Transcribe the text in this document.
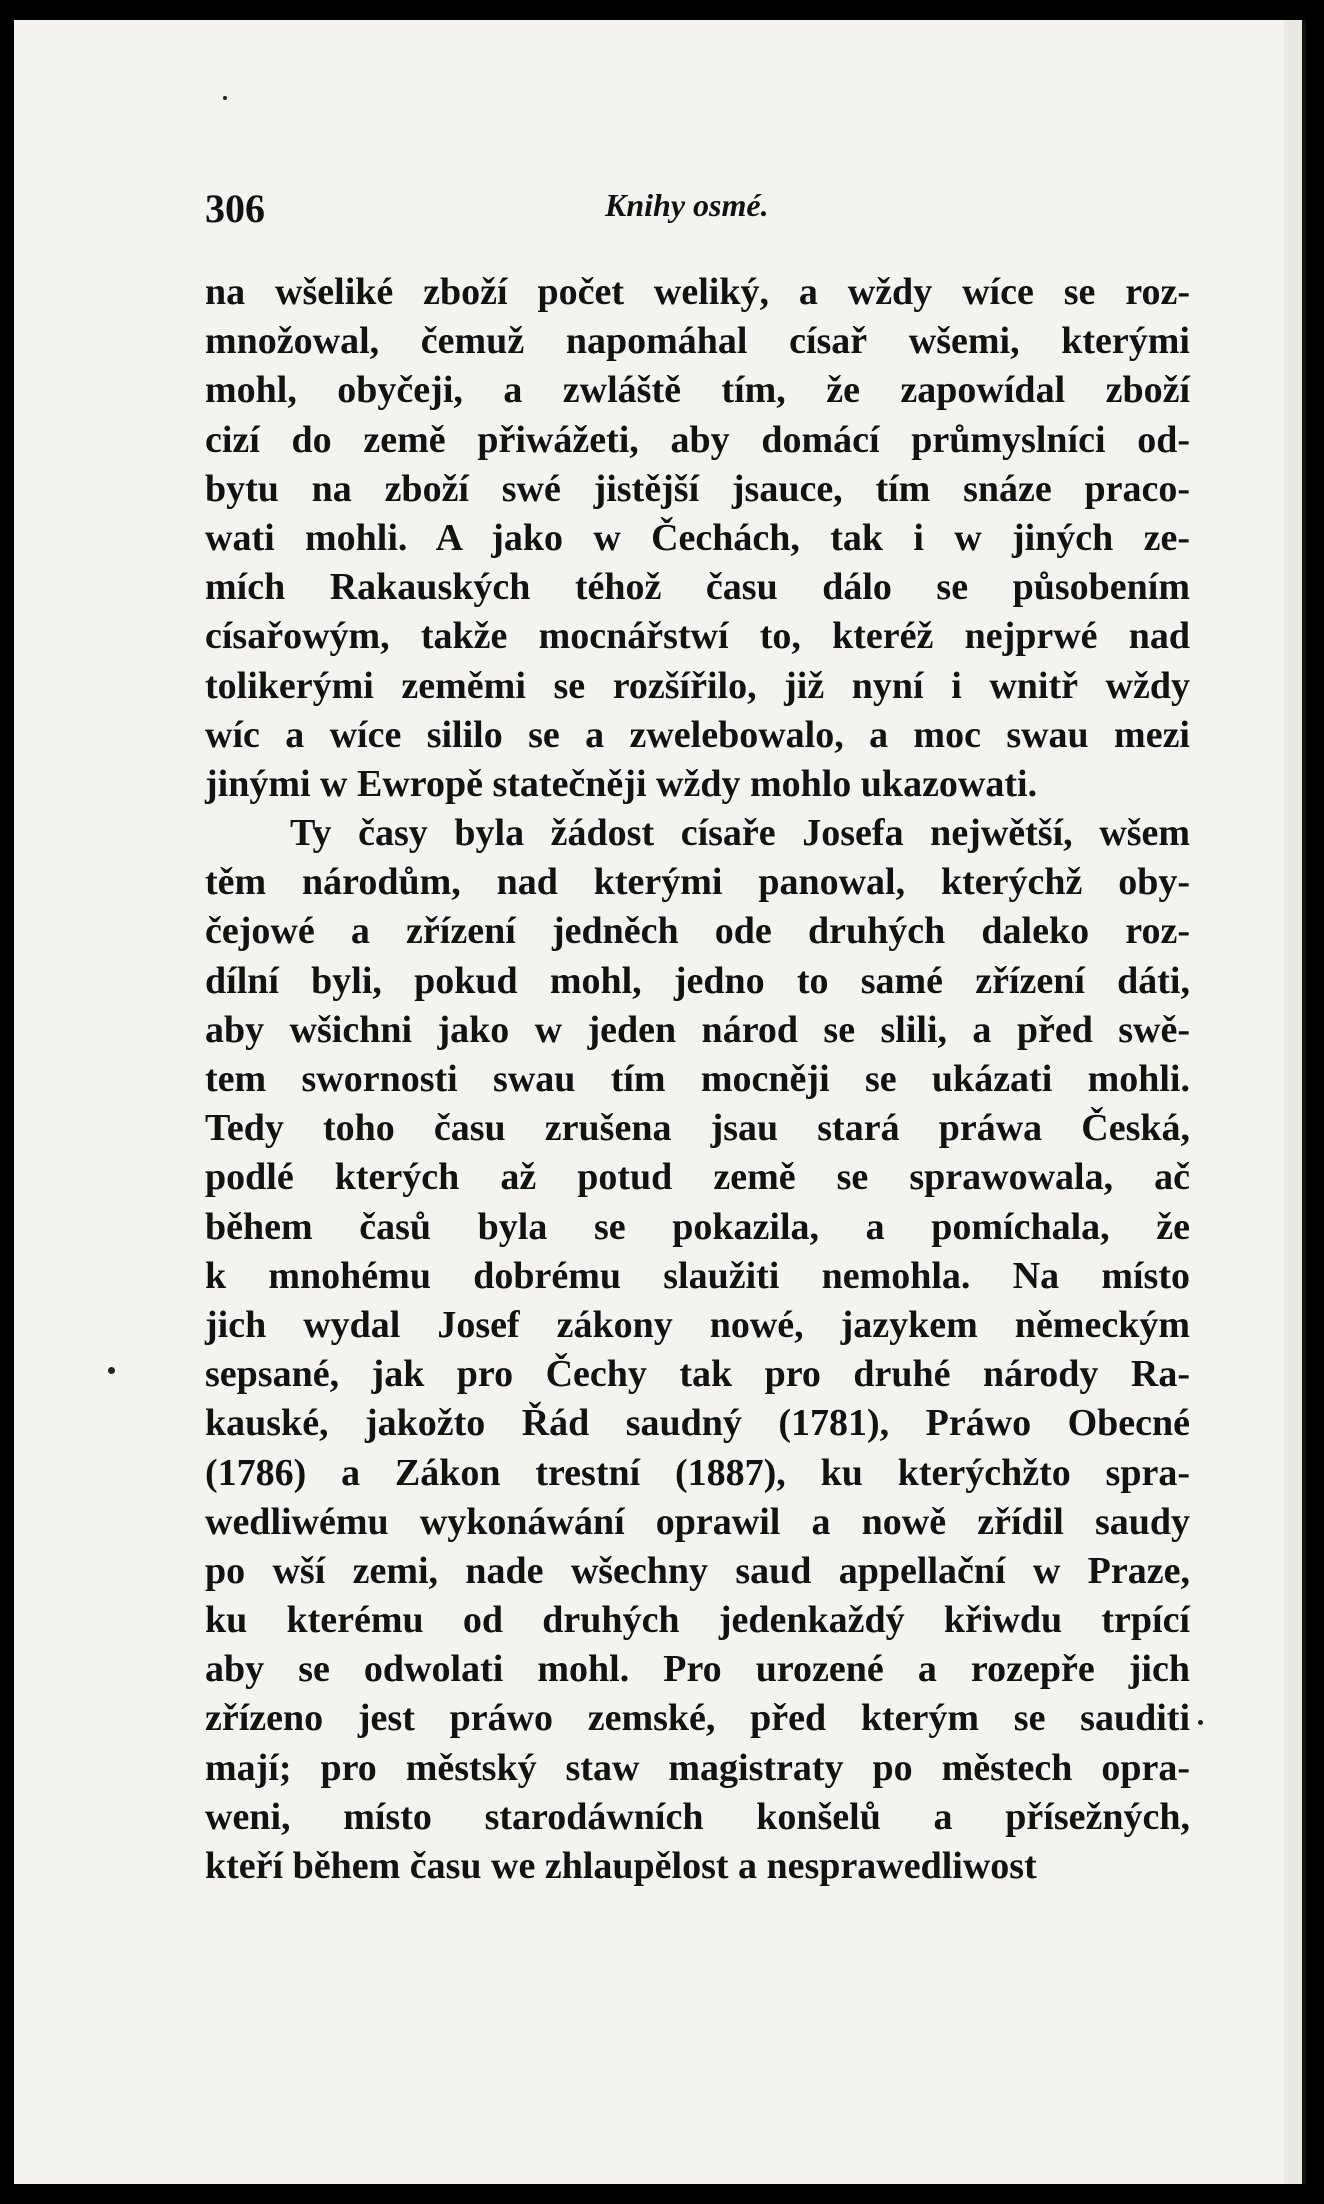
306	Knihy osmé.
na wšeliké zboží počet weliký, a wždy wíce se roz-
množowal, čemuž napomáhal císař wšemi, kterými
mohl, obyčeji, a zwláště tím, že zapowídal zboží
cizí do země přiwážeti, aby domácí průmyslníci od-
bytu na zboží swé jistější jsauce, tím snáze praco-
wati mohli. A jako w Čechách, tak i w jiných ze-
mích Rakauských téhož času dálo se působením
císařowým, takže mocnářstwí to, kteréž nejprwé nad
tolikerými zeměmi se rozšířilo, již nyní i wnitř wždy
wíc a wíce sililo se a zwelebowalo, a moc swau mezi
jinými w Ewropě statečněji wždy mohlo ukazowati.
Ty časy byla žádost císaře Josefa nejwětší, wšem
těm národům, nad kterými panowal, kterýchž oby-
čejowé a zřízení jedněch ode druhých daleko roz-
dílní byli, pokud mohl, jedno to samé zřízení dáti,
aby wšichni jako w jeden národ se slili, a před swě-
tem swornosti swau tím mocněji se ukázati mohli.
Tedy toho času zrušena jsau stará práwa Česká,
podlé kterých až potud země se sprawowala, ač
během časů byla se pokazila, a pomíchala, že
k mnohému dobrému slaužiti nemohla. Na místo
jich wydal Josef zákony nowé, jazykem německým
sepsané, jak pro Čechy tak pro druhé národy Ra-
kauské, jakožto Řád saudný (1781), Práwo Obecné
(1786) a Zákon trestní (1887), ku kterýchžto spra-
wedliwému wykonáwání oprawil a nowě zřídil saudy
po wší zemi, nade wšechny saud appellační w Praze,
ku kterému od druhých jedenkaždý křiwdu trpící
aby se odwolati mohl. Pro urozené a rozepře jich
zřízeno jest práwo zemské, před kterým se sauditi
mají; pro městský staw magistraty po městech opra-
weni, místo starodáwních konšelů a přísežných,
kteří během času we zhlaupělost a nesprawedliwost
